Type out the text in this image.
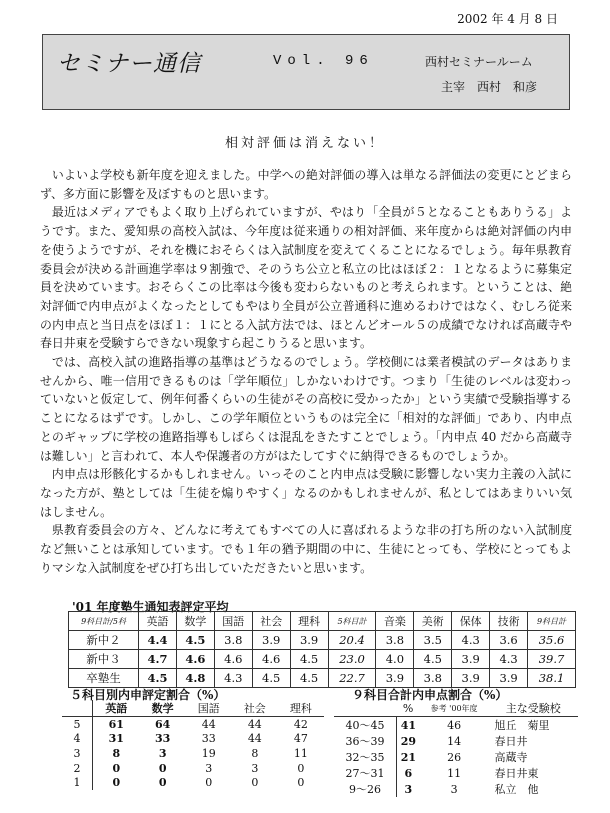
2002 年 4 月 8 日
セミナー通信	Vol. 96	西村セミナールーム
主宰　西村　和彦
相対評価は消えない！

いよいよ学校も新年度を迎えました。中学への絶対評価の導入は単なる評価法の変更にとどまらず、多方面に影響を及ぼすものと思います。

最近はメディアでもよく取り上げられていますが、やはり「全員が５となることもありうる」ようです。また、愛知県の高校入試は、今年度は従来通りの相対評価、来年度からは絶対評価の内申を使うようですが、それを機におそらくは入試制度を変えてくることになるでしょう。毎年県教育委員会が決める計画進学率は９割強で、そのうち公立と私立の比はほぼ２：１となるように募集定員を決めています。おそらくこの比率は今後も変わらないものと考えられます。ということは、絶対評価で内申点がよくなったとしてもやはり全員が公立普通科に進めるわけではなく、むしろ従来の内申点と当日点をほぼ１：１にとる入試方法では、ほとんどオール５の成績でなければ高蔵寺や春日井東を受験すらできない現象すら起こりうると思います。

では、高校入試の進路指導の基準はどうなるのでしょう。学校側には業者模試のデータはありませんから、唯一信用できるものは「学年順位」しかないわけです。つまり「生徒のレベルは変わっていないと仮定して、例年何番くらいの生徒がその高校に受かったか」という実績で受験指導することになるはずです。しかし、この学年順位というものは完全に「相対的な評価」であり、内申点とのギャップに学校の進路指導もしばらくは混乱をきたすことでしょう。「内申点 40 だから高蔵寺は難しい」と言われて、本人や保護者の方がはたしてすぐに納得できるものでしょうか。

内申点は形骸化するかもしれません。いっそのこと内申点は受験に影響しない実力主義の入試になった方が、塾としては「生徒を煽りやすく」なるのかもしれませんが、私としてはあまりいい気はしません。

県教育委員会の方々、どんなに考えてもすべての人に喜ばれるような非の打ち所のない入試制度など無いことは承知しています。でも１年の猶予期間の中に、生徒にとっても、学校にとってもよりマシな入試制度をぜひ打ち出していただきたいと思います。

'01 年度塾生通知表評定平均
9科目計/5科	英語	数学	国語	社会	理科	5科目計	音楽	美術	保体	技術	9科目計
新中２	4.4	4.5	3.8	3.9	3.9	20.4	3.8	3.5	4.3	3.6	35.6
新中３	4.7	4.6	4.6	4.6	4.5	23.0	4.0	4.5	3.9	4.3	39.7
卒塾生	4.5	4.8	4.3	4.5	4.5	22.7	3.9	3.8	3.9	3.9	38.1
５科目別内申評定割合（%）
	英語	数学	国語	社会	理科
5	61	64	44	44	42
4	31	33	33	44	47
3	8	3	19	8	11
2	0	0	3	3	0
1	0	0	0	0	0
９科目合計内申点割合（%）
	%	参考 '00年度	主な受験校
40～45	41	46	旭丘　菊里
36～39	29	14	春日井
32～35	21	26	高蔵寺
27～31	6	11	春日井東
9～26	3	3	私立　他
